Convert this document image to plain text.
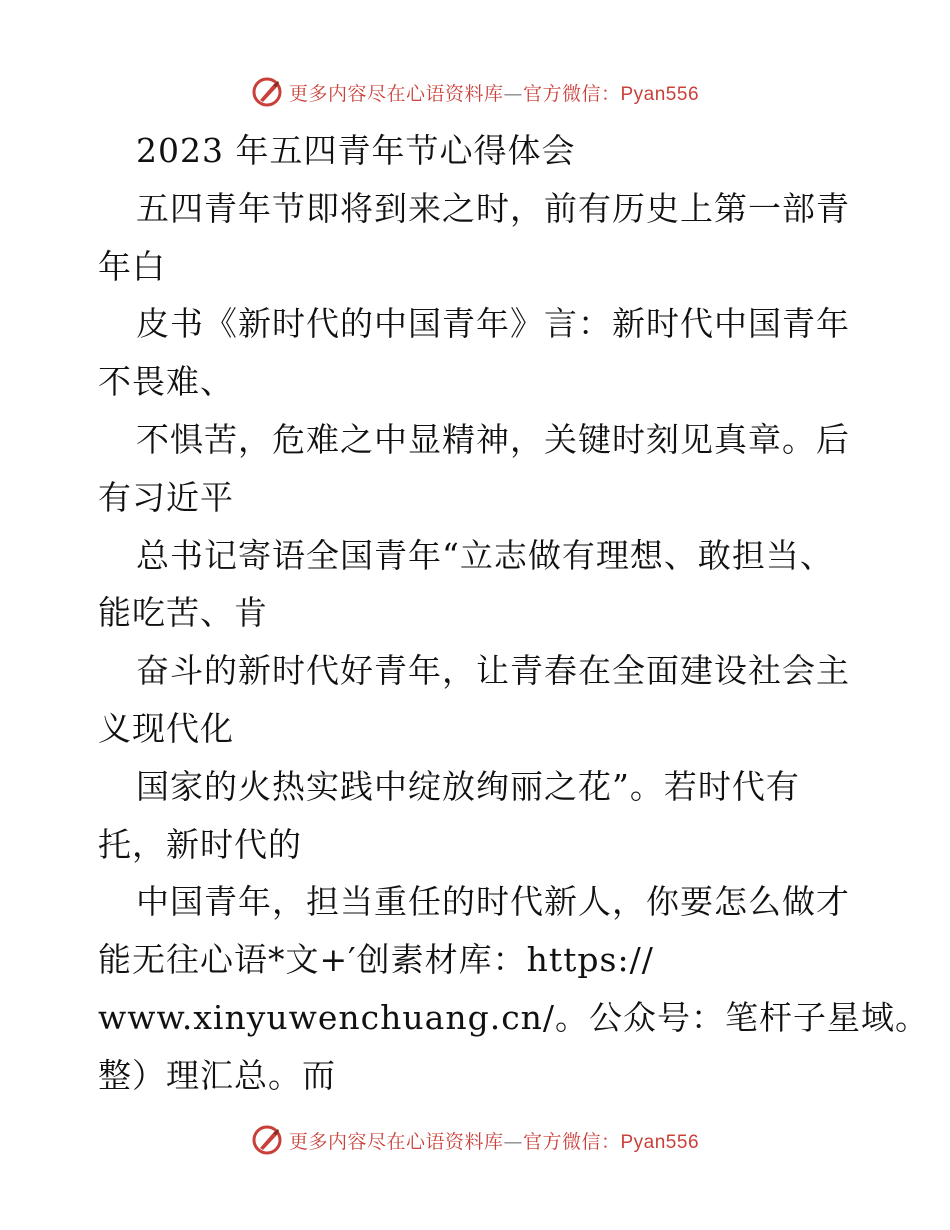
更多内容尽在心语资料库—官方微信：Pyan556
2023 年五四青年节心得体会
五四青年节即将到来之时，前有历史上第一部青
年白
皮书《新时代的中国青年》言：新时代中国青年
不畏难、
不惧苦，危难之中显精神，关键时刻见真章。后
有习近平
总书记寄语全国青年“立志做有理想、敢担当、
能吃苦、肯
奋斗的新时代好青年，让青春在全面建设社会主
义现代化
国家的火热实践中绽放绚丽之花”。若时代有
托，新时代的
中国青年，担当重任的时代新人，你要怎么做才
能无往心语*文+′创素材库：https://
www.xinyuwenchuang.cn/。公众号：笔杆子星域。
整）理汇总。而
更多内容尽在心语资料库—官方微信：Pyan556
